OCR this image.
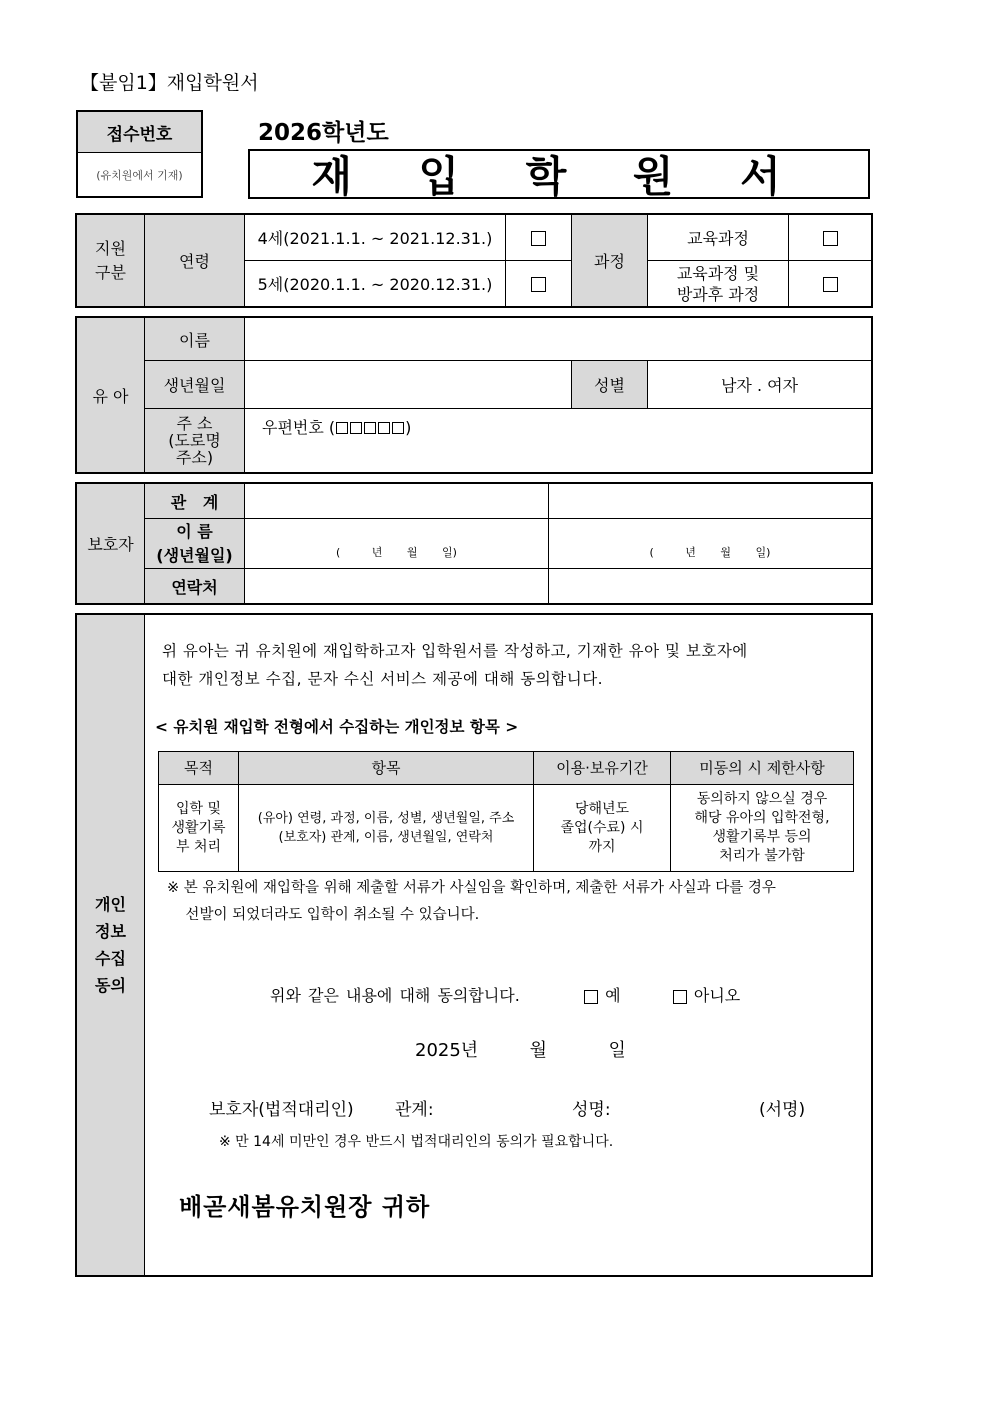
【붙임1】재입학원서
접수번호
(유치원에서 기재)
2026학년도
재 입 학 원 서
지원
구분	연령	4세(2021.1.1. ~ 2021.12.31.)		과정	교육과정	
		5세(2020.1.1. ~ 2020.12.31.)			교육과정 및
방과후 과정	
유 아	이름			
	생년월일		성별	남자 . 여자
	주 소
(도로명
주소)	우편번호 ( )		
보호자	관   계		
	이 름
(생년월일)	(         년       월       일)	(         년       월       일)
	연락처		
개인
정보
수집
동의	
위 유아는 귀 유치원에 재입학하고자 입학원서를 작성하고, 기재한 유아 및 보호자에
대한 개인정보 수집, 문자 수신 서비스 제공에 대해 동의합니다.
< 유치원 재입학 전형에서 수집하는 개인정보 항목 >
목적	항목	이용·보유기간	미동의 시 제한사항
입학 및
생활기록
부 처리	(유아) 연령, 과정, 이름, 성별, 생년월일, 주소
(보호자) 관계, 이름, 생년월일, 연락처	당해년도
졸업(수료) 시
까지	동의하지 않으실 경우
해당 유아의 입학전형,
생활기록부 등의
처리가 불가함
※ 본 유치원에 재입학을 위해 제출할 서류가 사실임을 확인하며, 제출한 서류가 사실과 다를 경우
선발이 되었더라도 입학이 취소될 수 있습니다.
위와 같은 내용에 대해 동의합니다.	예	아니오
2025년	월	일
보호자(법적대리인) 관계:	성명:	(서명)
※ 만 14세 미만인 경우 반드시 법적대리인의 동의가 필요합니다.
배곧새봄유치원장 귀하
